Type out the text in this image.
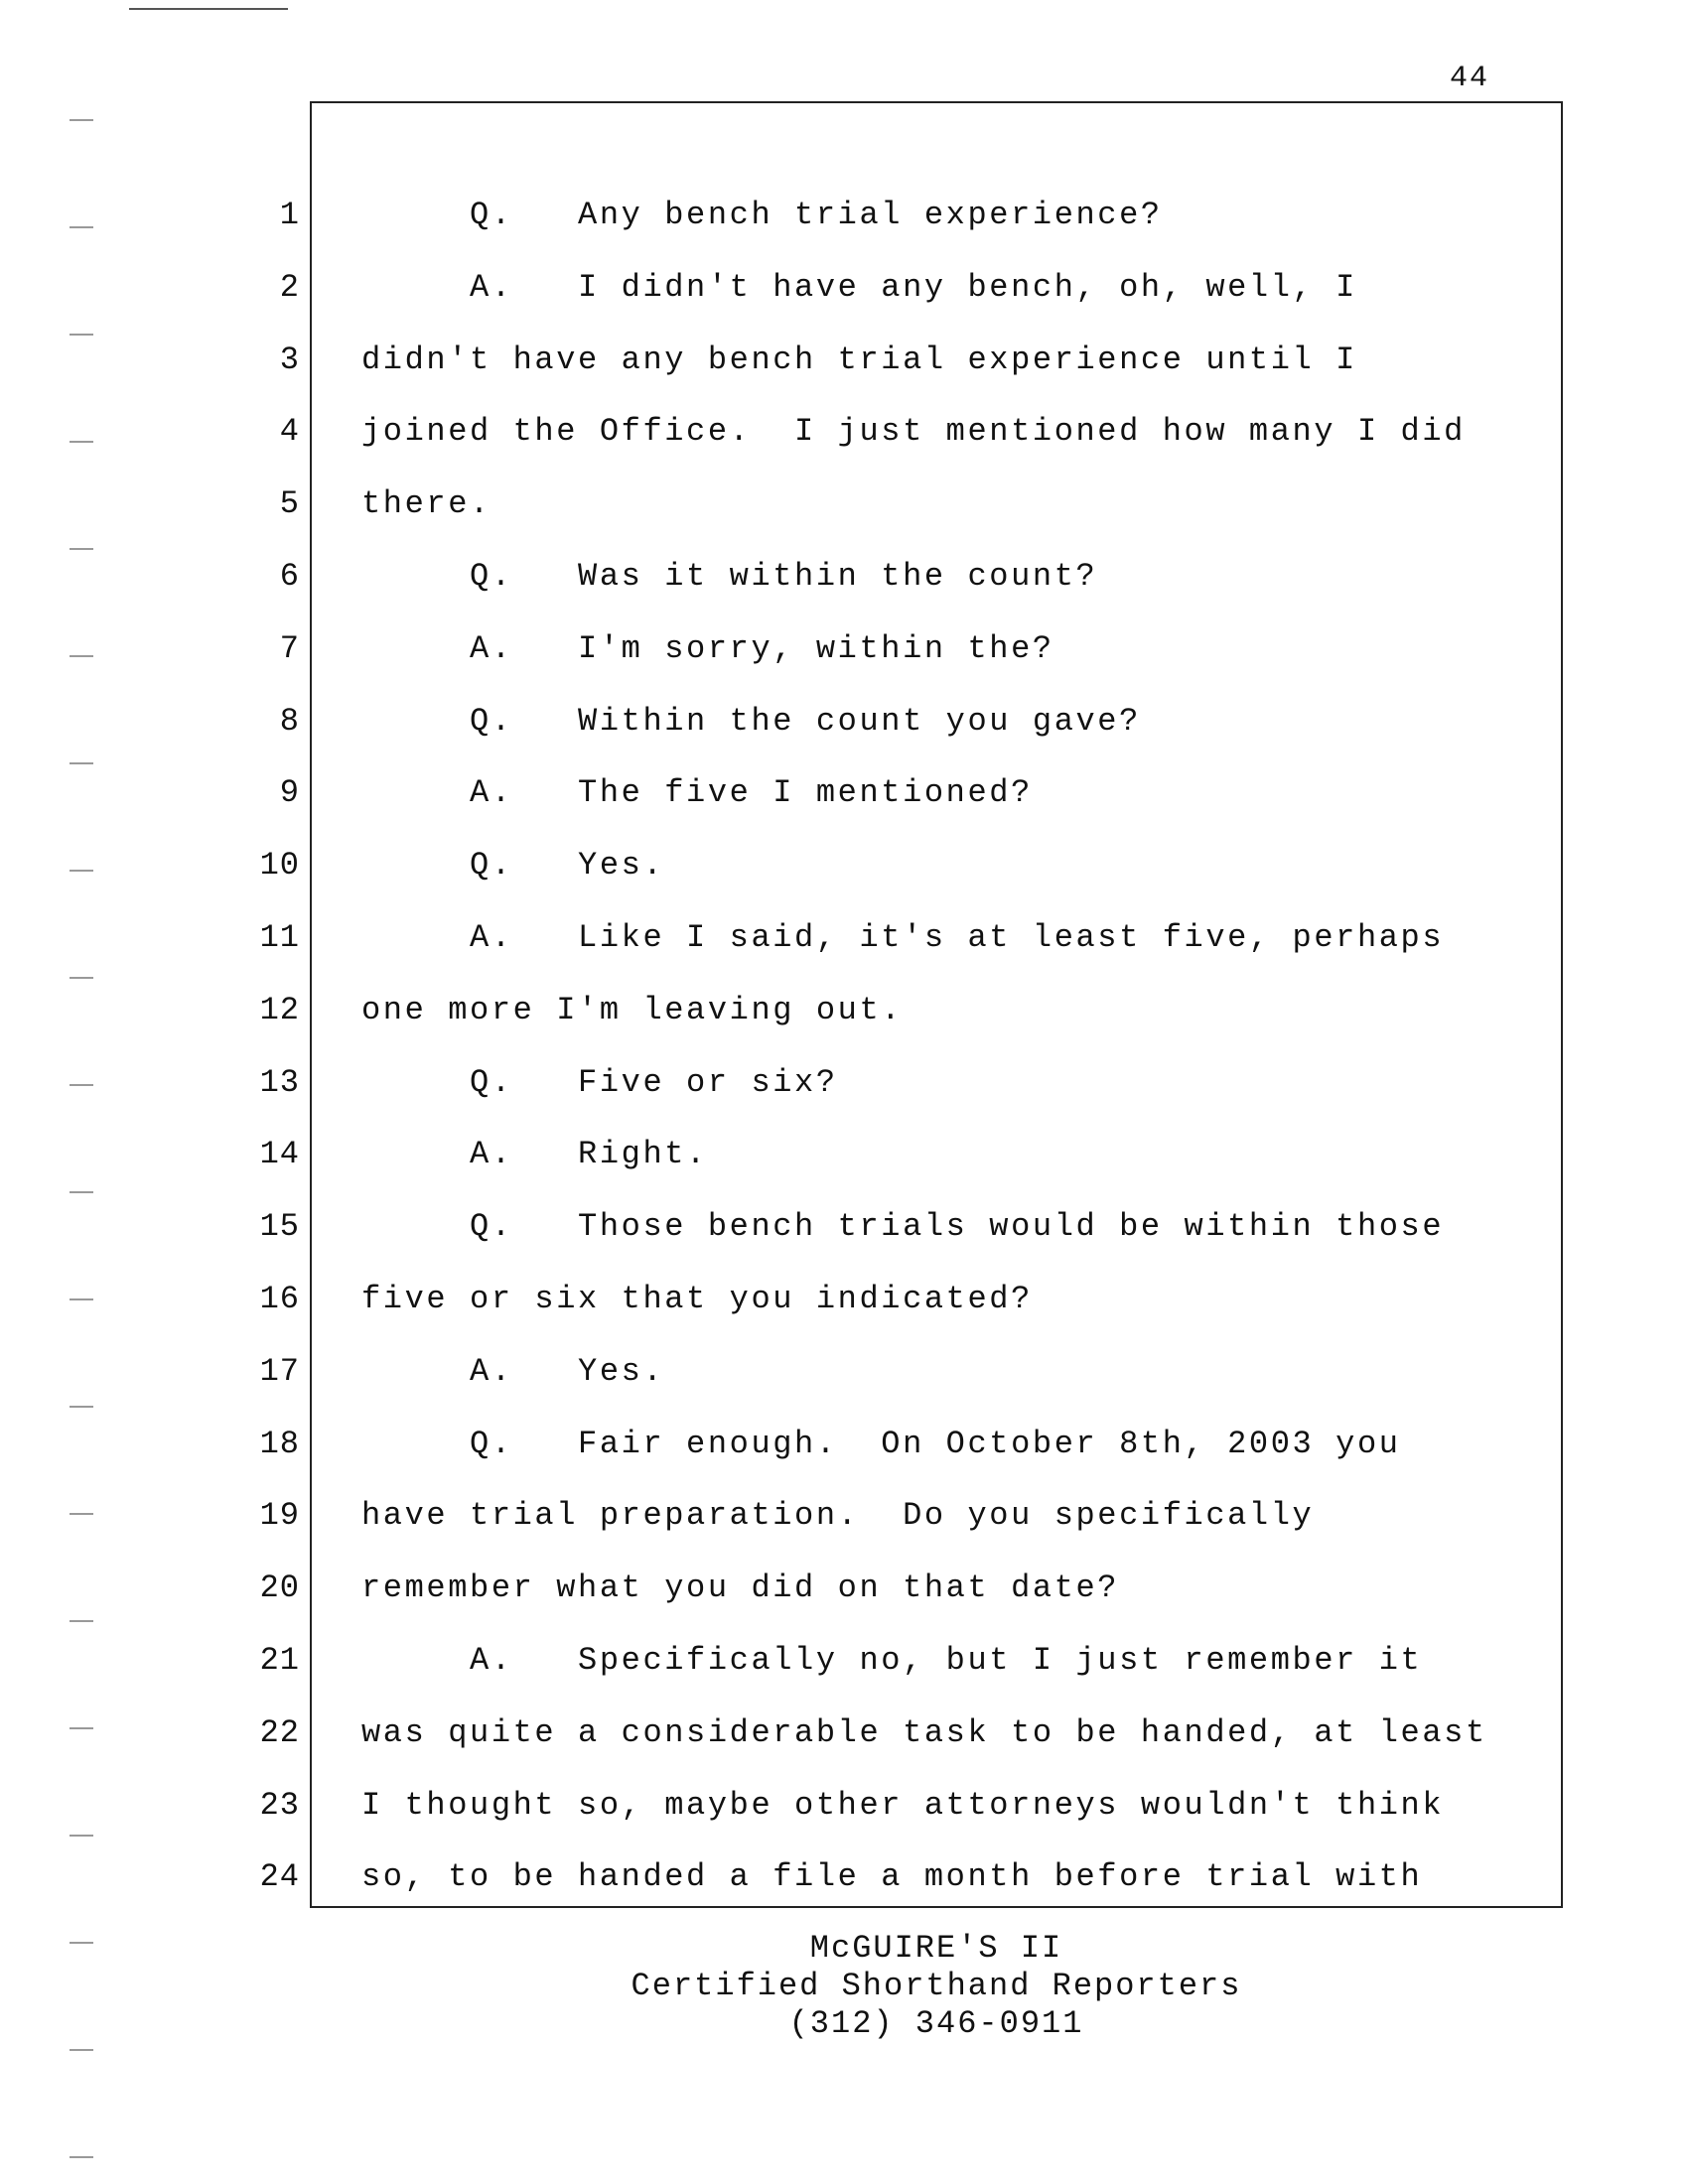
44
1 Q.   Any bench trial experience?
2 A.   I didn't have any bench, oh, well, I
3 didn't have any bench trial experience until I
4 joined the Office.  I just mentioned how many I did
5 there.
6 Q.   Was it within the count?
7 A.   I'm sorry, within the?
8 Q.   Within the count you gave?
9 A.   The five I mentioned?
10 Q.   Yes.
11 A.   Like I said, it's at least five, perhaps
12 one more I'm leaving out.
13 Q.   Five or six?
14 A.   Right.
15 Q.   Those bench trials would be within those
16 five or six that you indicated?
17 A.   Yes.
18 Q.   Fair enough.  On October 8th, 2003 you
19 have trial preparation.  Do you specifically
20 remember what you did on that date?
21 A.   Specifically no, but I just remember it
22 was quite a considerable task to be handed, at least
23 I thought so, maybe other attorneys wouldn't think
24 so, to be handed a file a month before trial with
McGUIRE'S II
Certified Shorthand Reporters
(312) 346-0911
